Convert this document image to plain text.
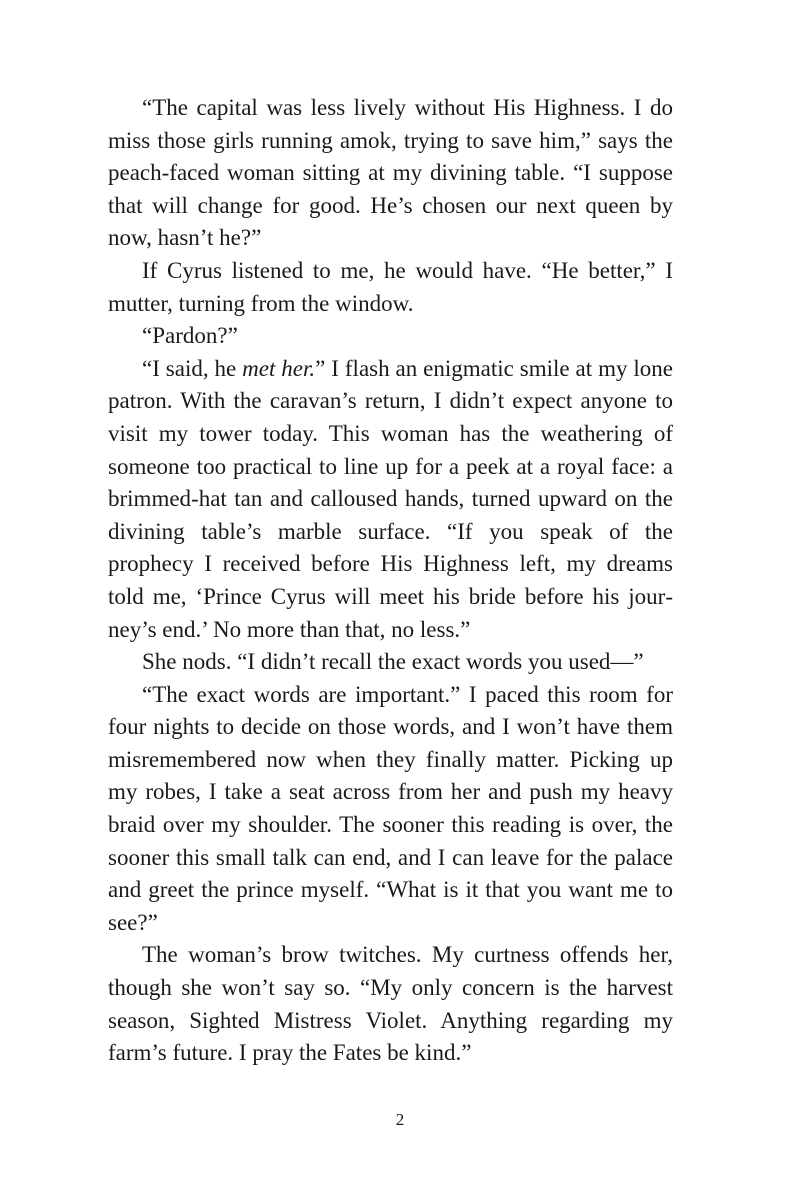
“The capital was less lively without His Highness. I do miss those girls running amok, trying to save him,” says the peach-faced woman sitting at my divining table. “I suppose that will change for good. He’s chosen our next queen by now, hasn’t he?”

If Cyrus listened to me, he would have. “He better,” I mutter, turning from the window.

“Pardon?”

“I said, he met her.” I flash an enigmatic smile at my lone patron. With the caravan’s return, I didn’t expect anyone to visit my tower today. This woman has the weathering of someone too practical to line up for a peek at a royal face: a brimmed-hat tan and calloused hands, turned upward on the divining table’s marble surface. “If you speak of the prophecy I received before His Highness left, my dreams told me, ‘Prince Cyrus will meet his bride before his journey’s end.’ No more than that, no less.”

She nods. “I didn’t recall the exact words you used—”

“The exact words are important.” I paced this room for four nights to decide on those words, and I won’t have them misremembered now when they finally matter. Picking up my robes, I take a seat across from her and push my heavy braid over my shoulder. The sooner this reading is over, the sooner this small talk can end, and I can leave for the palace and greet the prince myself. “What is it that you want me to see?”

The woman’s brow twitches. My curtness offends her, though she won’t say so. “My only concern is the harvest season, Sighted Mistress Violet. Anything regarding my farm’s future. I pray the Fates be kind.”

2
